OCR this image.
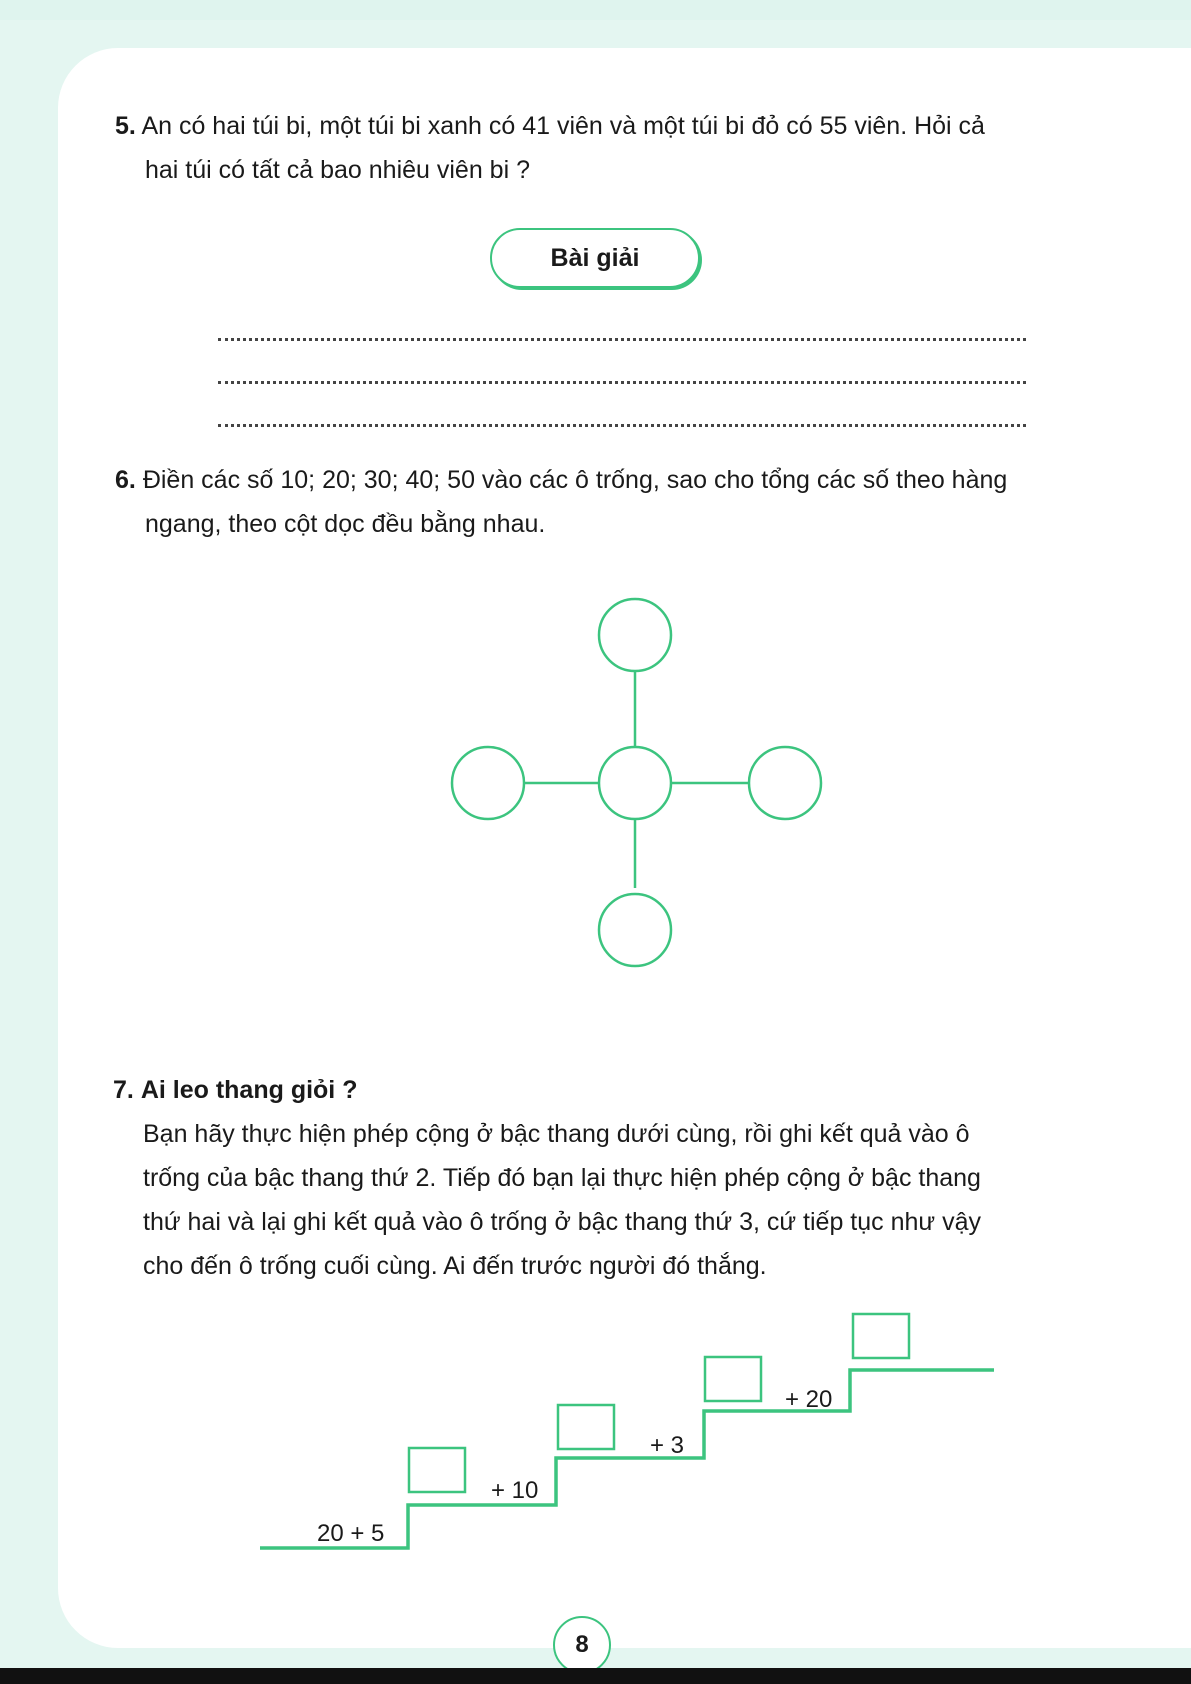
5. An có hai túi bi, một túi bi xanh có 41 viên và một túi bi đỏ có 55 viên. Hỏi cả
hai túi có tất cả bao nhiêu viên bi ?
Bài giải
6. Điền các số 10; 20; 30; 40; 50 vào các ô trống, sao cho tổng các số theo hàng
ngang, theo cột dọc đều bằng nhau.
7. Ai leo thang giỏi ?
Bạn hãy thực hiện phép cộng ở bậc thang dưới cùng, rồi ghi kết quả vào ô
trống của bậc thang thứ 2. Tiếp đó bạn lại thực hiện phép cộng ở bậc thang
thứ hai và lại ghi kết quả vào ô trống ở bậc thang thứ 3, cứ tiếp tục như vậy
cho đến ô trống cuối cùng. Ai đến trước người đó thắng.
20 + 5
+ 10
+ 3
+ 20
8
